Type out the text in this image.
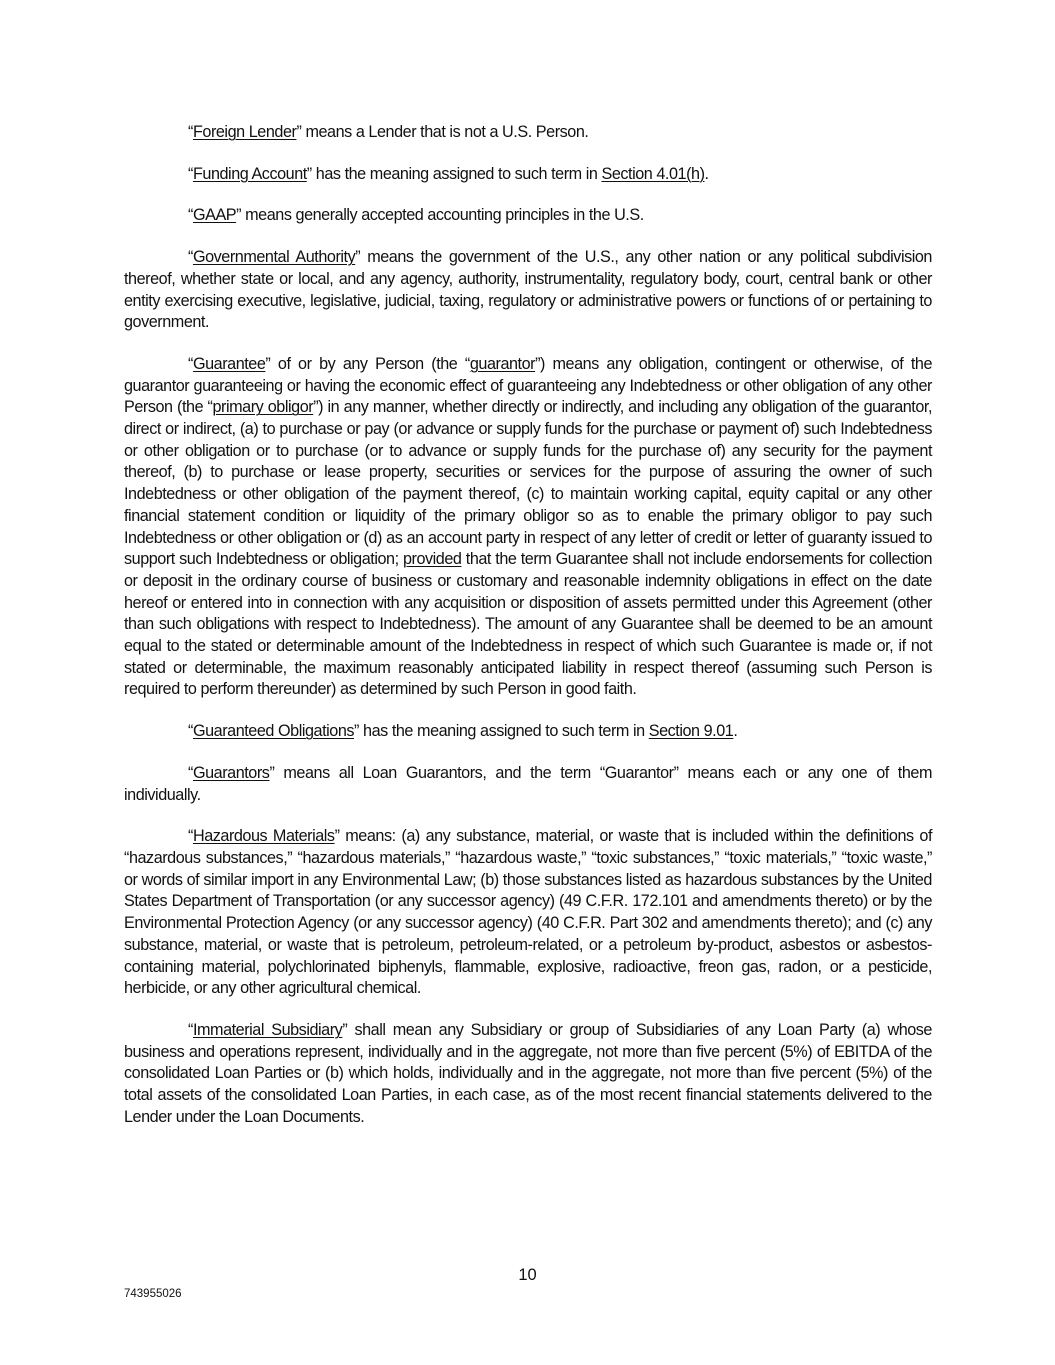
“Foreign Lender” means a Lender that is not a U.S. Person.

“Funding Account” has the meaning assigned to such term in Section 4.01(h).

“GAAP” means generally accepted accounting principles in the U.S.

“Governmental Authority” means the government of the U.S., any other nation or any political subdivision thereof, whether state or local, and any agency, authority, instrumentality, regulatory body, court, central bank or other entity exercising executive, legislative, judicial, taxing, regulatory or administrative powers or functions of or pertaining to government.

“Guarantee” of or by any Person (the “guarantor”) means any obligation, contingent or otherwise, of the guarantor guaranteeing or having the economic effect of guaranteeing any Indebtedness or other obligation of any other Person (the “primary obligor”) in any manner, whether directly or indirectly, and including any obligation of the guarantor, direct or indirect, (a) to purchase or pay (or advance or supply funds for the purchase or payment of) such Indebtedness or other obligation or to purchase (or to advance or supply funds for the purchase of) any security for the payment thereof, (b) to purchase or lease property, securities or services for the purpose of assuring the owner of such Indebtedness or other obligation of the payment thereof, (c) to maintain working capital, equity capital or any other financial statement condition or liquidity of the primary obligor so as to enable the primary obligor to pay such Indebtedness or other obligation or (d) as an account party in respect of any letter of credit or letter of guaranty issued to support such Indebtedness or obligation; provided that the term Guarantee shall not include endorsements for collection or deposit in the ordinary course of business or customary and reasonable indemnity obligations in effect on the date hereof or entered into in connection with any acquisition or disposition of assets permitted under this Agreement (other than such obligations with respect to Indebtedness). The amount of any Guarantee shall be deemed to be an amount equal to the stated or determinable amount of the Indebtedness in respect of which such Guarantee is made or, if not stated or determinable, the maximum reasonably anticipated liability in respect thereof (assuming such Person is required to perform thereunder) as determined by such Person in good faith.

“Guaranteed Obligations” has the meaning assigned to such term in Section 9.01.

“Guarantors” means all Loan Guarantors, and the term “Guarantor” means each or any one of them individually.

“Hazardous Materials” means: (a) any substance, material, or waste that is included within the definitions of “hazardous substances,” “hazardous materials,” “hazardous waste,” “toxic substances,” “toxic materials,” “toxic waste,” or words of similar import in any Environmental Law; (b) those substances listed as hazardous substances by the United States Department of Transportation (or any successor agency) (49 C.F.R. 172.101 and amendments thereto) or by the Environmental Protection Agency (or any successor agency) (40 C.F.R. Part 302 and amendments thereto); and (c) any substance, material, or waste that is petroleum, petroleum-related, or a petroleum by-product, asbestos or asbestos-containing material, polychlorinated biphenyls, flammable, explosive, radioactive, freon gas, radon, or a pesticide, herbicide, or any other agricultural chemical.

“Immaterial Subsidiary” shall mean any Subsidiary or group of Subsidiaries of any Loan Party (a) whose business and operations represent, individually and in the aggregate, not more than five percent (5%) of EBITDA of the consolidated Loan Parties or (b) which holds, individually and in the aggregate, not more than five percent (5%) of the total assets of the consolidated Loan Parties, in each case, as of the most recent financial statements delivered to the Lender under the Loan Documents.

10
743955026
